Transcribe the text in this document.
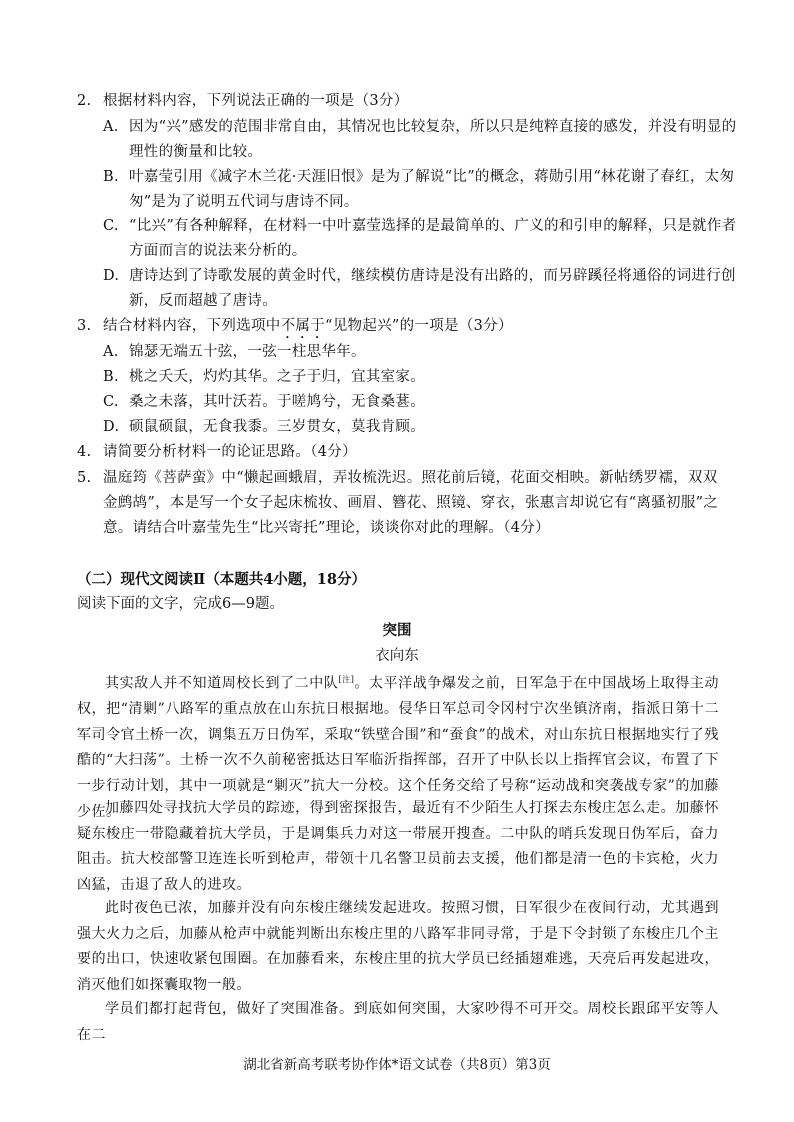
2. 根据材料内容，下列说法正确的一项是（3分）
A. 因为“兴”感发的范围非常自由，其情况也比较复杂，所以只是纯粹直接的感发，并没有明显的理性的衡量和比较。
B. 叶嘉莹引用《减字木兰花·天涯旧恨》是为了解说“比”的概念，蒋勋引用“林花谢了春红，太匆匆”是为了说明五代词与唐诗不同。
C. “比兴”有各种解释，在材料一中叶嘉莹选择的是最简单的、广义的和引申的解释，只是就作者方面而言的说法来分析的。
D. 唐诗达到了诗歌发展的黄金时代，继续模仿唐诗是没有出路的，而另辟蹊径将通俗的词进行创新，反而超越了唐诗。
3. 结合材料内容，下列选项中不属于“见物起兴”的一项是（3分）
A. 锦瑟无端五十弦，一弦一柱思华年。
B. 桃之夭夭，灼灼其华。之子于归，宜其室家。
C. 桑之未落，其叶沃若。于嗟鸠兮，无食桑葚。
D. 硕鼠硕鼠，无食我黍。三岁贯女，莫我肯顾。
4. 请简要分析材料一的论证思路。（4分）
5. 温庭筠《菩萨蛮》中“懒起画蛾眉，弄妆梳洗迟。照花前后镜，花面交相映。新帖绣罗襦，双双金鹧鸪”，本是写一个女子起床梳妆、画眉、簪花、照镜、穿衣，张惠言却说它有“离骚初服”之意。请结合叶嘉莹先生“比兴寄托”理论，谈谈你对此的理解。（4分）
（二）现代文阅读Ⅱ（本题共4小题，18分）
阅读下面的文字，完成6—9题。
突围
衣向东
其实敌人并不知道周校长到了二中队[注]。太平洋战争爆发之前，日军急于在中国战场上取得主动权，把“清剿”八路军的重点放在山东抗日根据地。侵华日军总司令冈村宁次坐镇济南，指派日第十二军司令官土桥一次，调集五万日伪军，采取“铁壁合围”和“蚕食”的战术，对山东抗日根据地实行了残酷的“大扫荡”。土桥一次不久前秘密抵达日军临沂指挥部，召开了中队长以上指挥官会议，布置了下一步行动计划，其中一项就是“剿灭”抗大一分校。这个任务交给了号称“运动战和突袭战专家”的加藤少佐。
加藤四处寻找抗大学员的踪迹，得到密探报告，最近有不少陌生人打探去东梭庄怎么走。加藤怀疑东梭庄一带隐藏着抗大学员，于是调集兵力对这一带展开搜查。二中队的哨兵发现日伪军后，奋力阻击。抗大校部警卫连连长听到枪声，带领十几名警卫员前去支援，他们都是清一色的卡宾枪，火力凶猛，击退了敌人的进攻。
此时夜色已浓，加藤并没有向东梭庄继续发起进攻。按照习惯，日军很少在夜间行动，尤其遇到强大火力之后，加藤从枪声中就能判断出东梭庄里的八路军非同寻常，于是下令封锁了东梭庄几个主要的出口，快速收紧包围圈。在加藤看来，东梭庄里的抗大学员已经插翅难逃，天亮后再发起进攻，消灭他们如探囊取物一般。
学员们都打起背包，做好了突围准备。到底如何突围，大家吵得不可开交。周校长跟邱平安等人在二
湖北省新高考联考协作体*语文试卷（共8页）第3页
